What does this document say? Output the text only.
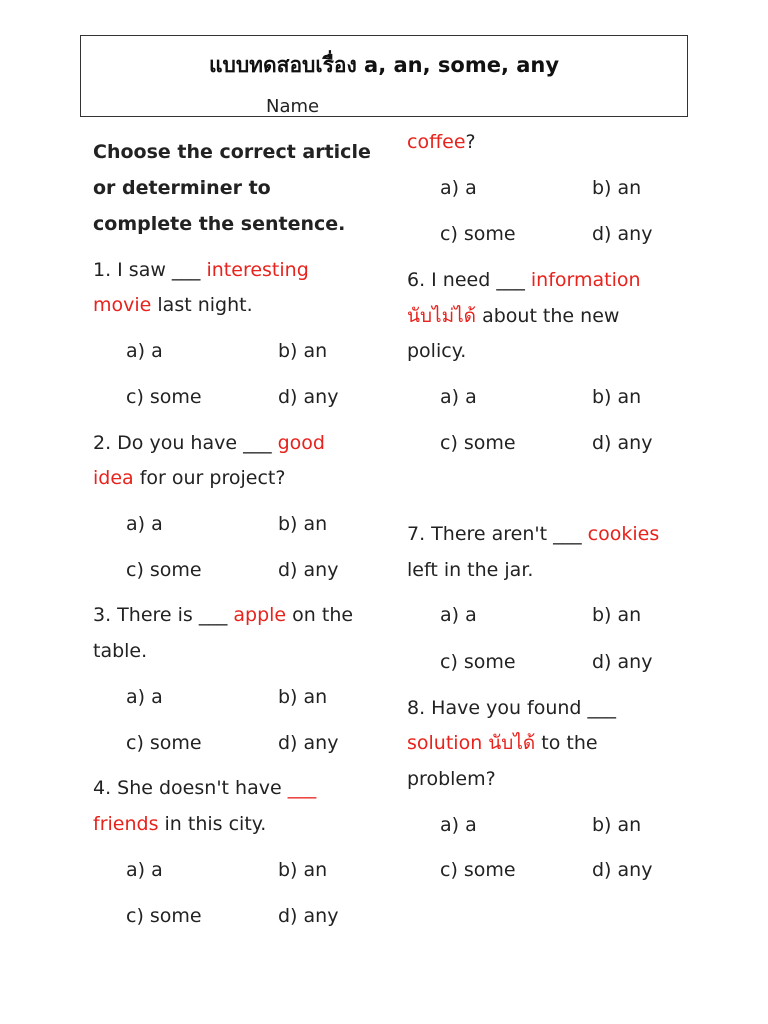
แบบทดสอบเรื่อง a, an, some, any
Name
Choose the correct article
or determiner to
complete the sentence.
1. I saw ___ interesting
movie last night.
a) a	b) an
c) some	d) any
2. Do you have ___ good
idea for our project?
a) a	b) an
c) some	d) any
3. There is ___ apple on the
table.
a) a	b) an
c) some	d) any
4. She doesn't have ___
friends in this city.
a) a	b) an
c) some	d) any
coffee?
a) a	b) an
c) some	d) any
6. I need ___ information
นับไม่ได้ about the new
policy.
a) a	b) an
c) some	d) any
7. There aren't ___ cookies
left in the jar.
a) a	b) an
c) some	d) any
8. Have you found ___
solution นับได้ to the
problem?
a) a	b) an
c) some	d) any
